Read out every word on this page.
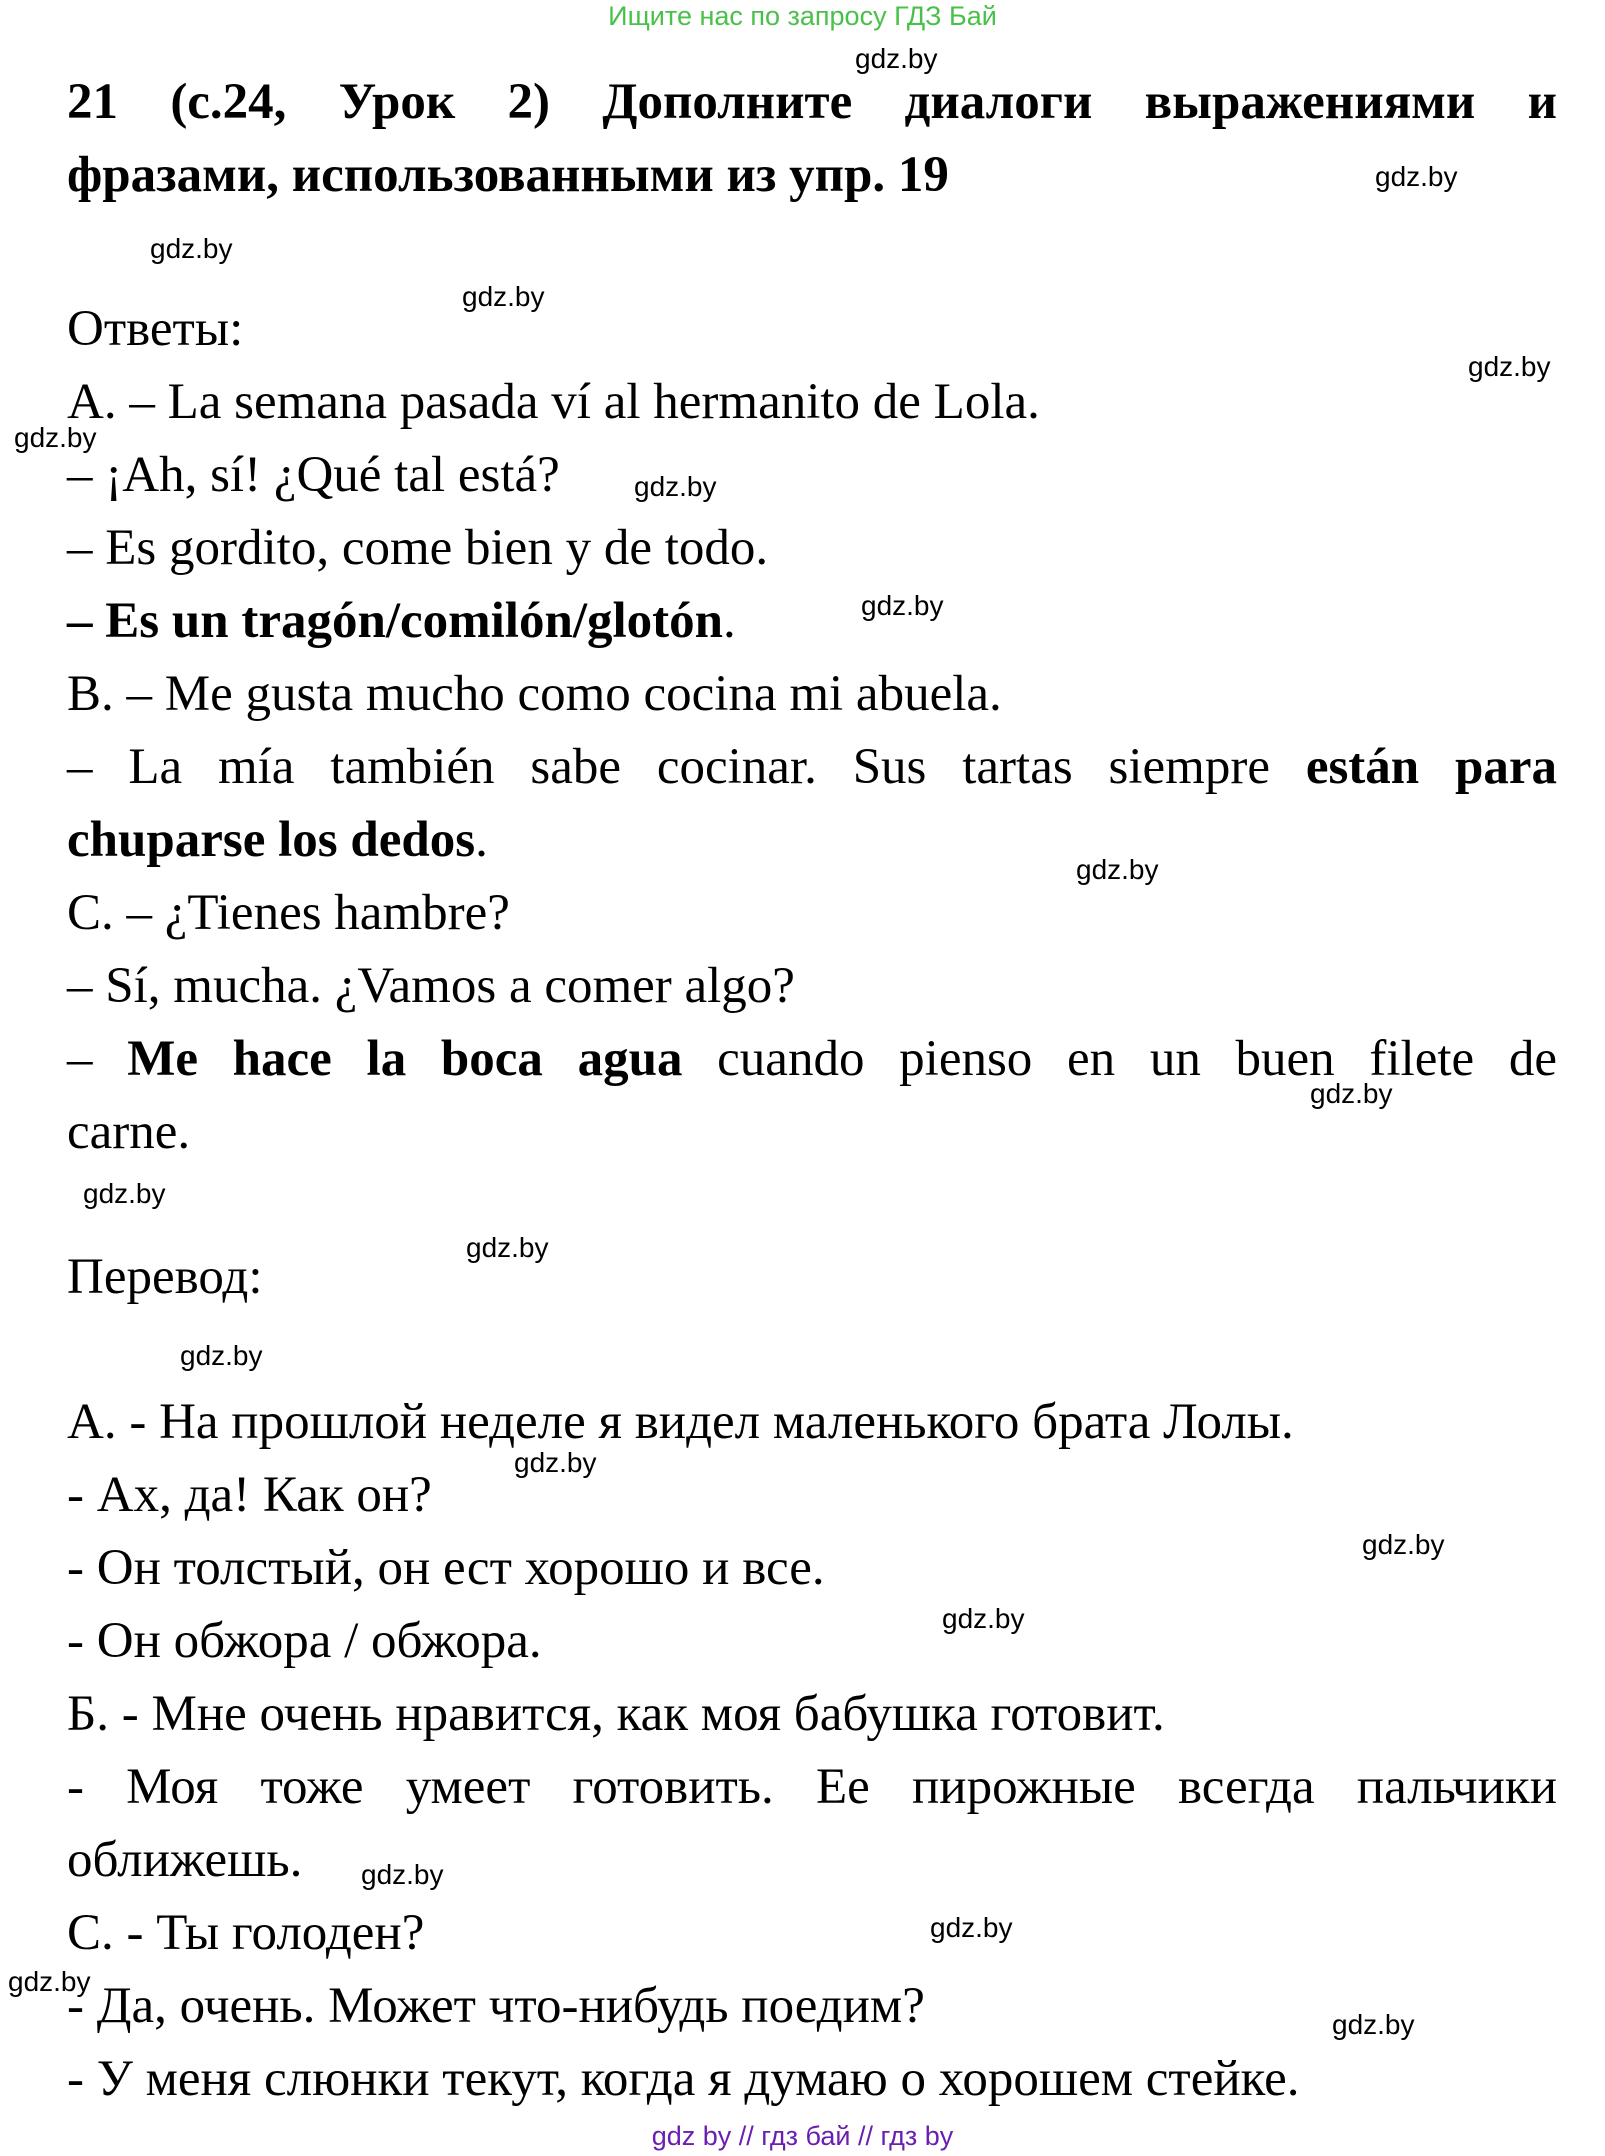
Ищите нас по запросу ГДЗ Бай
21 (с.24, Урок 2) Дополните диалоги выражениями и
фразами, использованными из упр. 19
Ответы:
A. – La semana pasada ví al hermanito de Lola.
– ¡Ah, sí! ¿Qué tal está?
– Es gordito, come bien y de todo.
– Es un tragón/comilón/glotón.
B. – Me gusta mucho como cocina mi abuela.
– La mía también sabe cocinar. Sus tartas siempre están para
chuparse los dedos.
C. – ¿Tienes hambre?
– Sí, mucha. ¿Vamos a comer algo?
– Me hace la boca agua cuando pienso en un buen filete de
carne.
Перевод:
А. - На прошлой неделе я видел маленького брата Лолы.
- Ах, да! Как он?
- Он толстый, он ест хорошо и все.
- Он обжора / обжора.
Б. - Мне очень нравится, как моя бабушка готовит.
- Моя тоже умеет готовить. Ее пирожные всегда пальчики
оближешь.
С. - Ты голоден?
- Да, очень. Может что-нибудь поедим?
- У меня слюнки текут, когда я думаю о хорошем стейке.
gdz.by
gdz.by
gdz.by
gdz.by
gdz.by
gdz.by
gdz.by
gdz.by
gdz.by
gdz.by
gdz.by
gdz.by
gdz.by
gdz.by
gdz.by
gdz.by
gdz.by
gdz.by
gdz.by
gdz.by
gdz by // гдз бай // гдз by
